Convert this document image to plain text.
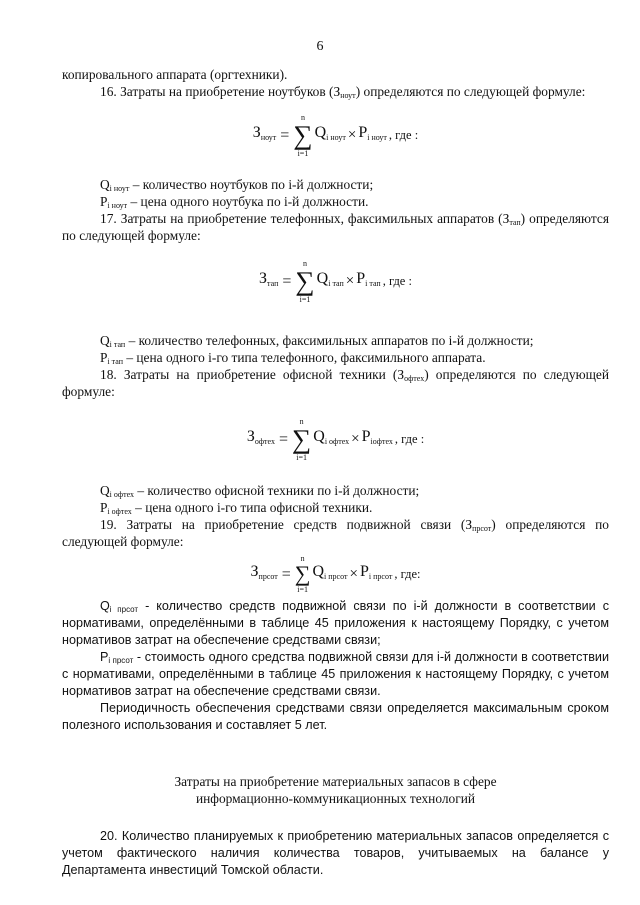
6

копировального аппарата (оргтехники).

16. Затраты на приобретение ноутбуков $(З_{ноут})$ определяются по следующей формуле:

Зноут =
n
∑
i=1
Qi ноут × Pi ноут , где :

$Q_{i ноут}$ – количество ноутбуков по i-й должности;

$P_{i ноут}$ – цена одного ноутбука по i-й должности.

17. Затраты на приобретение телефонных, факсимильных аппаратов $(З_{тап})$ определяются по следующей формуле:

Зтап =
n
∑
i=1
Qi тап × Pi тап , где :

$Q_{i тап}$ – количество телефонных, факсимильных аппаратов по i-й должности;

$P_{i тап}$ – цена одного i-го типа телефонного, факсимильного аппарата.

18. Затраты на приобретение офисной техники $(З_{офтех})$ определяются по следующей формуле:

Зофтех =
n
∑
i=1
Qi офтех × Piофтех , где :

$Q_{i офтех}$ – количество офисной техники по i-й должности;

$P_{i офтех}$ – цена одного i-го типа офисной техники.

19. Затраты на приобретение средств подвижной связи $(З_{прсот})$ определяются по следующей формуле:

Зпрсот =
n
∑
i=1
Qi прсот × Pi прсот , где:

$Q_{i прсот}$ - количество средств подвижной связи по i-й должности в соответствии с нормативами, определёнными в таблице 45 приложения к настоящему Порядку, с учетом нормативов затрат на обеспечение средствами связи;

$P_{i прсот}$ - стоимость одного средства подвижной связи для i-й должности в соответствии с нормативами, определёнными в таблице 45 приложения к настоящему Порядку, с учетом нормативов затрат на обеспечение средствами связи.

Периодичность обеспечения средствами связи определяется максимальным сроком полезного использования и составляет 5 лет.

Затраты на приобретение материальных запасов в сфере
информационно-коммуникационных технологий

20. Количество планируемых к приобретению материальных запасов определяется с учетом фактического наличия количества товаров, учитываемых на балансе у Департамента инвестиций Томской области.
